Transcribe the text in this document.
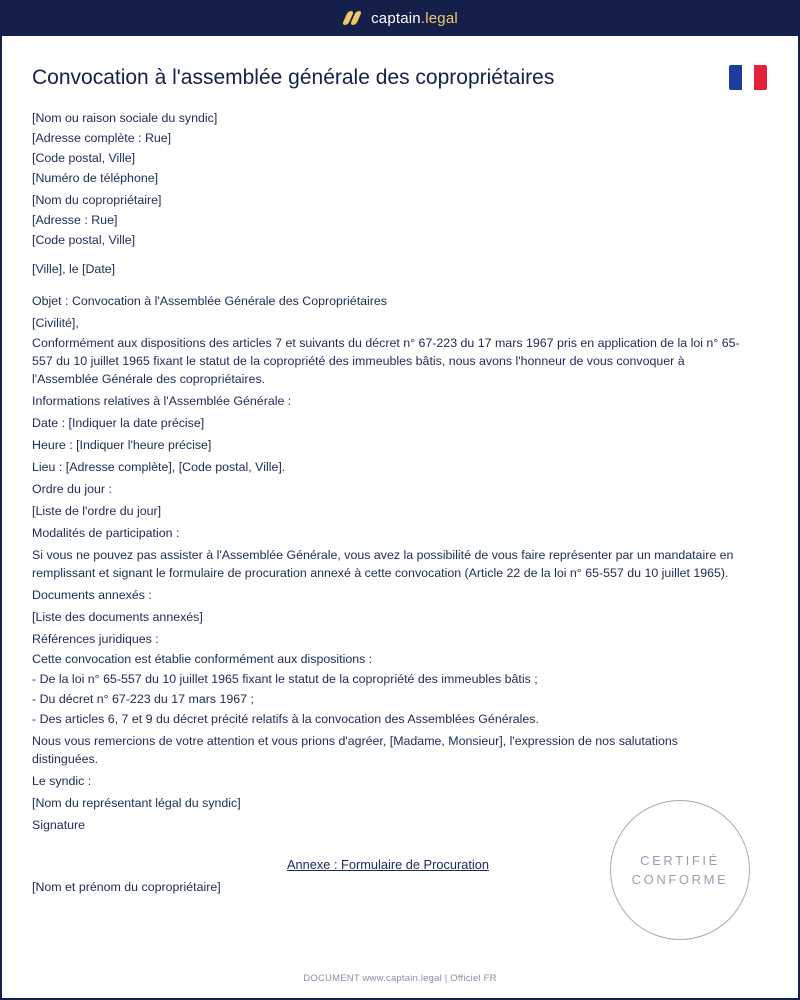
captain.legal
Convocation à l'assemblée générale des copropriétaires

[Nom ou raison sociale du syndic]

[Adresse complète : Rue]

[Code postal, Ville]

[Numéro de téléphone]

[Nom du copropriétaire]

[Adresse : Rue]

[Code postal, Ville]

[Ville], le [Date]

Objet : Convocation à l'Assemblée Générale des Copropriétaires

[Civilité],

Conformément aux dispositions des articles 7 et suivants du décret n° 67-223 du 17 mars 1967 pris en application de la loi n° 65-557 du 10 juillet 1965 fixant le statut de la copropriété des immeubles bâtis, nous avons l'honneur de vous convoquer à l'Assemblée Générale des copropriétaires.

Informations relatives à l'Assemblée Générale :

Date : [Indiquer la date précise]

Heure : [Indiquer l'heure précise]

Lieu : [Adresse complète], [Code postal, Ville].

Ordre du jour :

[Liste de l'ordre du jour]

Modalités de participation :

Si vous ne pouvez pas assister à l'Assemblée Générale, vous avez la possibilité de vous faire représenter par un mandataire en remplissant et signant le formulaire de procuration annexé à cette convocation (Article 22 de la loi n° 65-557 du 10 juillet 1965).

Documents annexés :

[Liste des documents annexés]

Références juridiques :

Cette convocation est établie conformément aux dispositions :

- De la loi n° 65-557 du 10 juillet 1965 fixant le statut de la copropriété des immeubles bâtis ;

- Du décret n° 67-223 du 17 mars 1967 ;

- Des articles 6, 7 et 9 du décret précité relatifs à la convocation des Assemblées Générales.

Nous vous remercions de votre attention et vous prions d'agréer, [Madame, Monsieur], l'expression de nos salutations distinguées.

Le syndic :

[Nom du représentant légal du syndic]

Signature

Annexe : Formulaire de Procuration

[Nom et prénom du copropriétaire]

CERTIFIÉ
CONFORME
DOCUMENT www.captain.legal | Officiel FR
